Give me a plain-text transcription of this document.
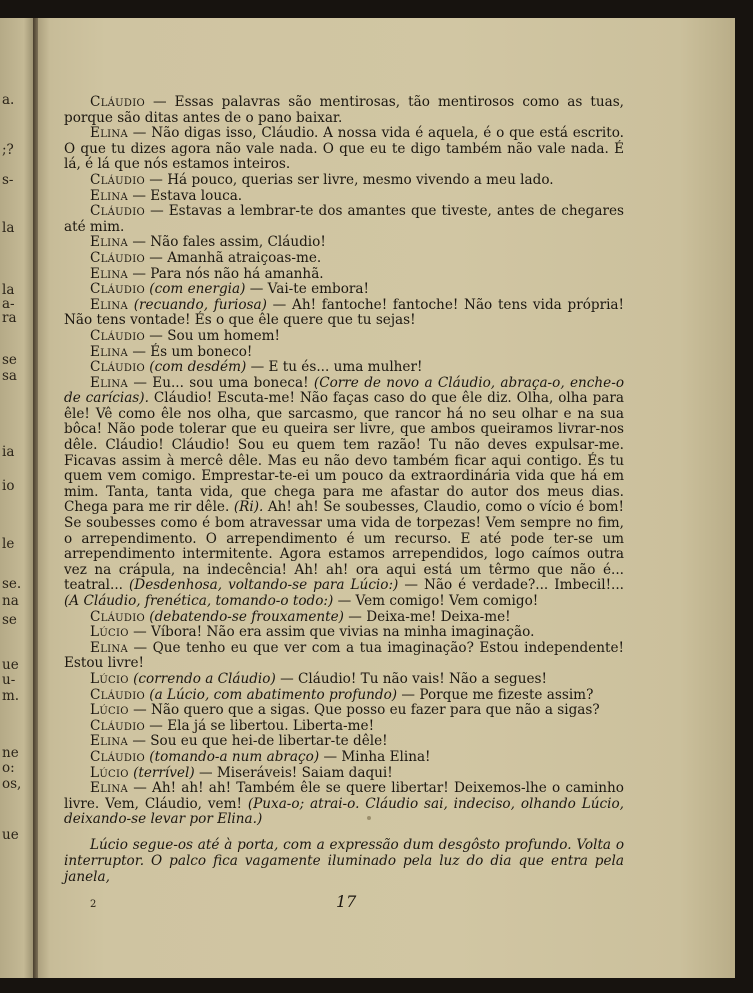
a.
;?
s-
la
la
a-
ra
se
sa
ia
io
le
se.
na
se
ue
u-
m.
ne
o:
os,
ue

Cláudio — Essas palavras são mentirosas, tão mentirosos como as tuas, porque são ditas antes de o pano baixar.

Elina — Não digas isso, Cláudio. A nossa vida é aquela, é o que está escrito. O que tu dizes agora não vale nada. O que eu te digo também não vale nada. É lá, é lá que nós estamos inteiros.

Cláudio — Há pouco, querias ser livre, mesmo vivendo a meu lado.

Elina — Estava louca.

Cláudio — Estavas a lembrar-te dos amantes que tiveste, antes de chegares até mim.

Elina — Não fales assim, Cláudio!

Cláudio — Amanhã atraiçoas-me.

Elina — Para nós não há amanhã.

Cláudio (com energia) — Vai-te embora!

Elina (recuando, furiosa) — Ah! fantoche! fantoche! Não tens vida própria! Não tens vontade! És o que êle quere que tu sejas!

Cláudio — Sou um homem!

Elina — És um boneco!

Cláudio (com desdém) — E tu és... uma mulher!

Elina — Eu... sou uma boneca! (Corre de novo a Cláudio, abraça-o, enche-o de carícias). Cláudio! Escuta-me! Não faças caso do que êle diz. Olha, olha para êle! Vê como êle nos olha, que sarcasmo, que rancor há no seu olhar e na sua bôca! Não pode tolerar que eu queira ser livre, que ambos queiramos livrar-nos dêle. Cláudio! Cláudio! Sou eu quem tem razão! Tu não deves expulsar-me. Ficavas assim à mercê dêle. Mas eu não devo também ficar aqui contigo. És tu quem vem comigo. Emprestar-te-ei um pouco da extraordinária vida que há em mim. Tanta, tanta vida, que chega para me afastar do autor dos meus dias. Chega para me rir dêle. (Ri). Ah! ah! Se soubesses, Claudio, como o vício é bom! Se soubesses como é bom atravessar uma vida de torpezas! Vem sempre no fim, o arrependimento. O arrependimento é um recurso. E até pode ter-se um arrependimento intermitente. Agora estamos arrependidos, logo caímos outra vez na crápula, na indecência! Ah! ah! ora aqui está um têrmo que não é... teatral... (Desdenhosa, voltando-se para Lúcio:) — Não é verdade?... Imbecil!... (A Cláudio, frenética, tomando-o todo:) — Vem comigo! Vem comigo!

Cláudio (debatendo-se frouxamente) — Deixa-me! Deixa-me!

Lúcio — Víbora! Não era assim que vivias na minha imaginação.

Elina — Que tenho eu que ver com a tua imaginação? Estou independente! Estou livre!

Lúcio (correndo a Cláudio) — Cláudio! Tu não vais! Não a segues!

Cláudio (a Lúcio, com abatimento profundo) — Porque me fizeste assim?

Lúcio — Não quero que a sigas. Que posso eu fazer para que não a sigas?

Cláudio — Ela já se libertou. Liberta-me!

Elina — Sou eu que hei-de libertar-te dêle!

Cláudio (tomando-a num abraço) — Minha Elina!

Lúcio (terrível) — Miseráveis! Saiam daqui!

Elina — Ah! ah! ah! Também êle se quere libertar! Deixemos-lhe o caminho livre. Vem, Cláudio, vem! (Puxa-o; atrai-o. Cláudio sai, indeciso, olhando Lúcio, deixando-se levar por Elina.)

Lúcio segue-os até à porta, com a expressão dum desgôsto profundo. Volta o interruptor. O palco fica vagamente iluminado pela luz do dia que entra pela janela,
2	17
